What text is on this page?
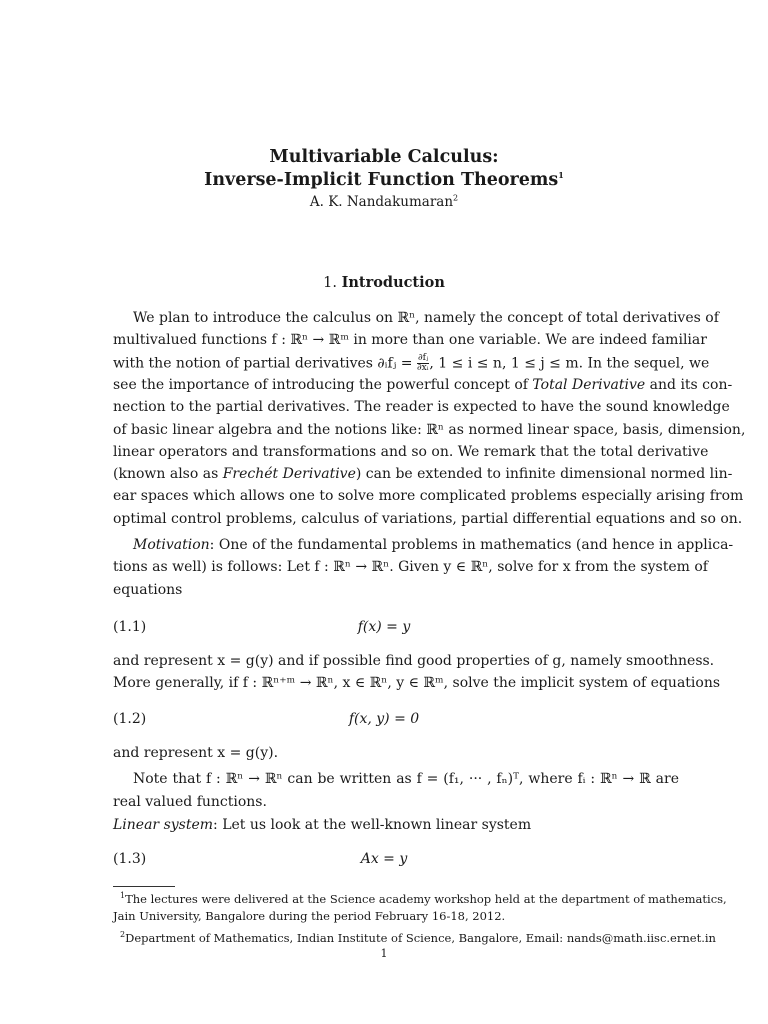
Multivariable Calculus:
Inverse-Implicit Function Theorems$^1$
A. K. Nandakumaran$^2$
1. Introduction
We plan to introduce the calculus on ℝⁿ, namely the concept of total derivatives of
multivalued functions f : ℝⁿ → ℝᵐ in more than one variable. We are indeed familiar
with the notion of partial derivatives ∂ᵢfⱼ = $\frac{\text{∂fⱼ}}{\text{∂xᵢ}}$ , 1 ≤ i ≤ n, 1 ≤ j ≤ m. In the sequel, we
see the importance of introducing the powerful concept of Total Derivative and its con-
nection to the partial derivatives. The reader is expected to have the sound knowledge
of basic linear algebra and the notions like: ℝⁿ as normed linear space, basis, dimension,
linear operators and transformations and so on. We remark that the total derivative
(known also as Frechét Derivative) can be extended to infinite dimensional normed lin-
ear spaces which allows one to solve more complicated problems especially arising from
optimal control problems, calculus of variations, partial differential equations and so on.
Motivation: One of the fundamental problems in mathematics (and hence in applica-
tions as well) is follows: Let f : ℝⁿ → ℝⁿ. Given y ∈ ℝⁿ, solve for x from the system of
equations
(1.1)	f(x) = y
and represent x = g(y) and if possible find good properties of g, namely smoothness.
More generally, if f : ℝⁿ⁺ᵐ → ℝⁿ, x ∈ ℝⁿ, y ∈ ℝᵐ, solve the implicit system of equations
(1.2)	f(x, y) = 0
and represent x = g(y).
Note that f : ℝⁿ → ℝⁿ can be written as f = (f₁, ··· , fₙ)ᵀ, where fᵢ : ℝⁿ → ℝ are
real valued functions.
Linear system: Let us look at the well-known linear system
(1.3)	Ax = y
$^1$The lectures were delivered at the Science academy workshop held at the department of mathematics,
Jain University, Bangalore during the period February 16-18, 2012.
$^2$Department of Mathematics, Indian Institute of Science, Bangalore, Email: nands@math.iisc.ernet.in
1
